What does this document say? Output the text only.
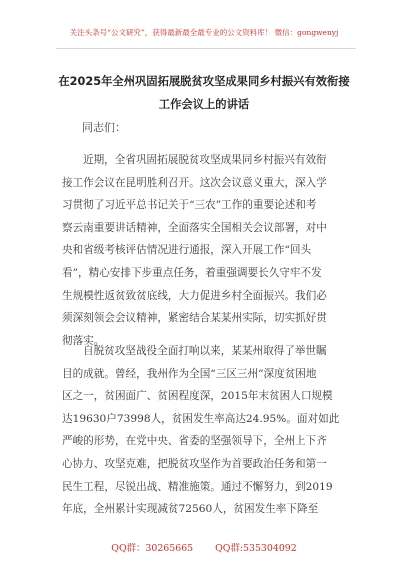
关注头条号“公文研究”，获得最新最全最专业的公文资料库！ 微信：gongwenyj
在2025年全州巩固拓展脱贫攻坚成果同乡村振兴有效衔接
工作会议上的讲话
同志们：
近期，全省巩固拓展脱贫攻坚成果同乡村振兴有效衔
接工作会议在昆明胜利召开。这次会议意义重大，深入学
习贯彻了习近平总书记关于“三农”工作的重要论述和考
察云南重要讲话精神，全面落实全国相关会议部署，对中
央和省级考核评估情况进行通报，深入开展工作“回头
看”，精心安排下步重点任务，着重强调要长久守牢不发
生规模性返贫致贫底线，大力促进乡村全面振兴。我们必
须深刻领会会议精神，紧密结合某某州实际，切实抓好贯
彻落实。
自脱贫攻坚战役全面打响以来，某某州取得了举世瞩
目的成就。曾经，我州作为全国“三区三州”深度贫困地
区之一，贫困面广、贫困程度深，2015年末贫困人口规模
达19630户73998人，贫困发生率高达24.95%。面对如此
严峻的形势，在党中央、省委的坚强领导下，全州上下齐
心协力、攻坚克难，把脱贫攻坚作为首要政治任务和第一
民生工程，尽锐出战、精准施策。通过不懈努力，到2019
年底，全州累计实现减贫72560人，贫困发生率下降至
QQ群：30265665 QQ群:535304092
